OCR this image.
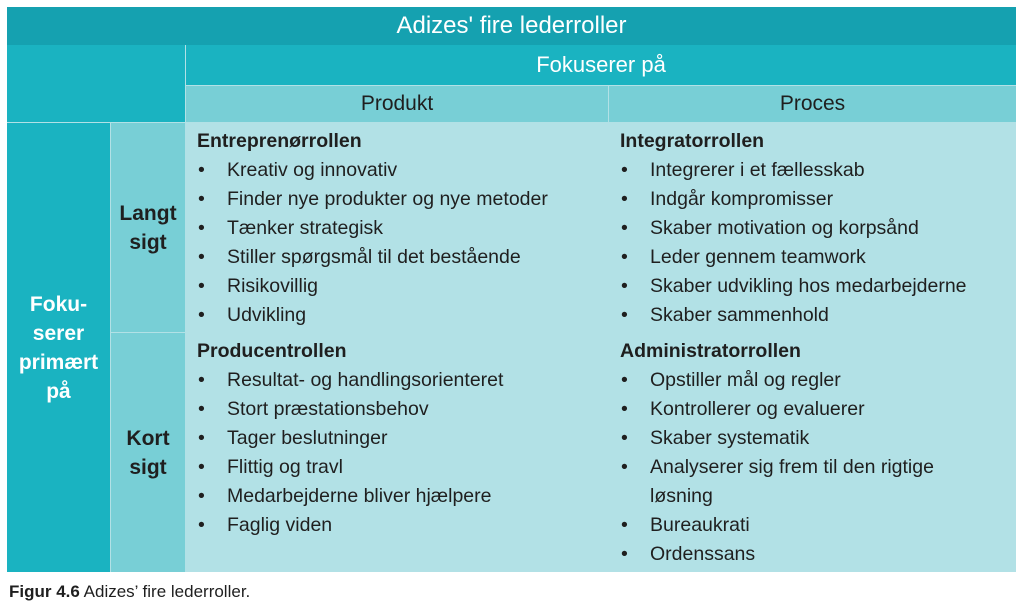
Adizes' fire lederroller
Fokuserer på
Produkt	Proces
Foku-
serer
primært
på
Langt
sigt
Kort
sigt
Entreprenørrollen
• Kreativ og innovativ
• Finder nye produkter og nye metoder
• Tænker strategisk
• Stiller spørgsmål til det bestående
• Risikovillig
• Udvikling
Integratorrollen
• Integrerer i et fællesskab
• Indgår kompromisser
• Skaber motivation og korpsånd
• Leder gennem teamwork
• Skaber udvikling hos medarbejderne
• Skaber sammenhold
Producentrollen
• Resultat- og handlingsorienteret
• Stort præstationsbehov
• Tager beslutninger
• Flittig og travl
• Medarbejderne bliver hjælpere
• Faglig viden
Administratorrollen
• Opstiller mål og regler
• Kontrollerer og evaluerer
• Skaber systematik
• Analyserer sig frem til den rigtige
løsning
• Bureaukrati
• Ordenssans
Figur 4.6 Adizes’ fire lederroller.
